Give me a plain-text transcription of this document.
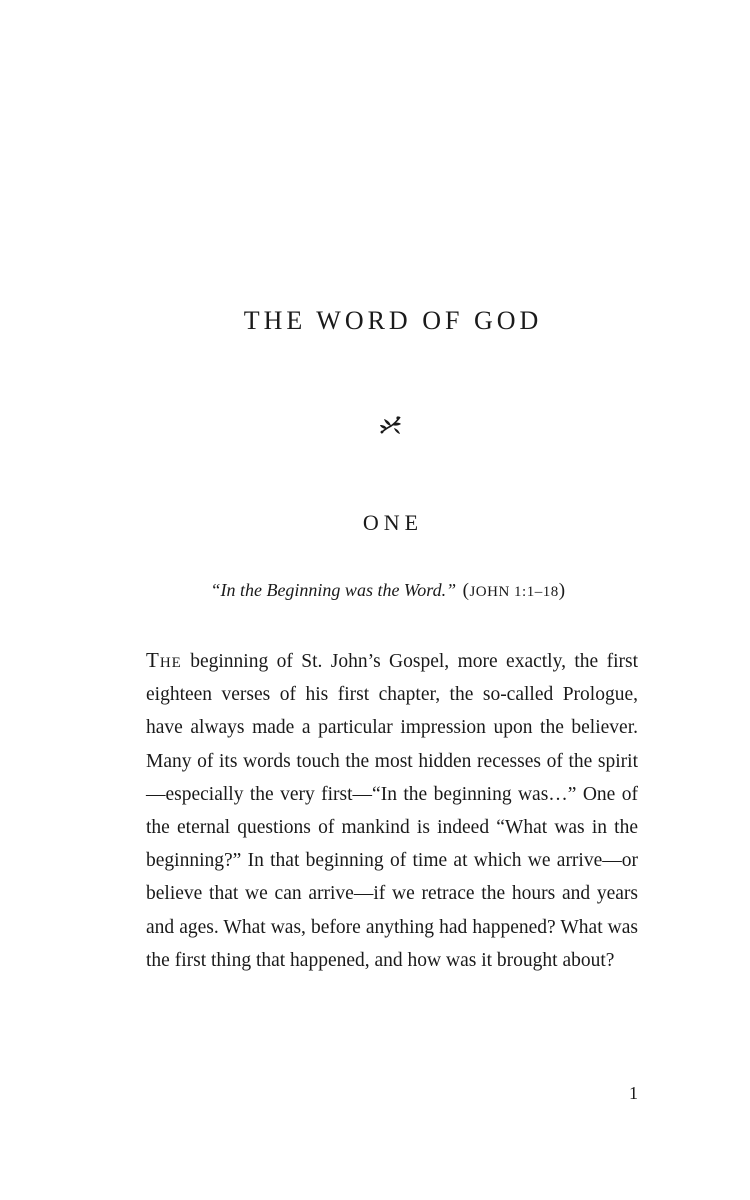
THE WORD OF GOD
ONE

“In the Beginning was the Word.” (JOHN 1:1–18)

The beginning of St. John’s Gospel, more exactly, the first eighteen verses of his first chapter, the so-called Prologue, have always made a particular impression upon the believer. Many of its words touch the most hidden recesses of the spirit—especially the very first—“In the beginning was…” One of the eternal questions of mankind is indeed “What was in the beginning?” In that beginning of time at which we arrive—or believe that we can arrive—if we retrace the hours and years and ages. What was, before anything had happened? What was the first thing that happened, and how was it brought about?

1
